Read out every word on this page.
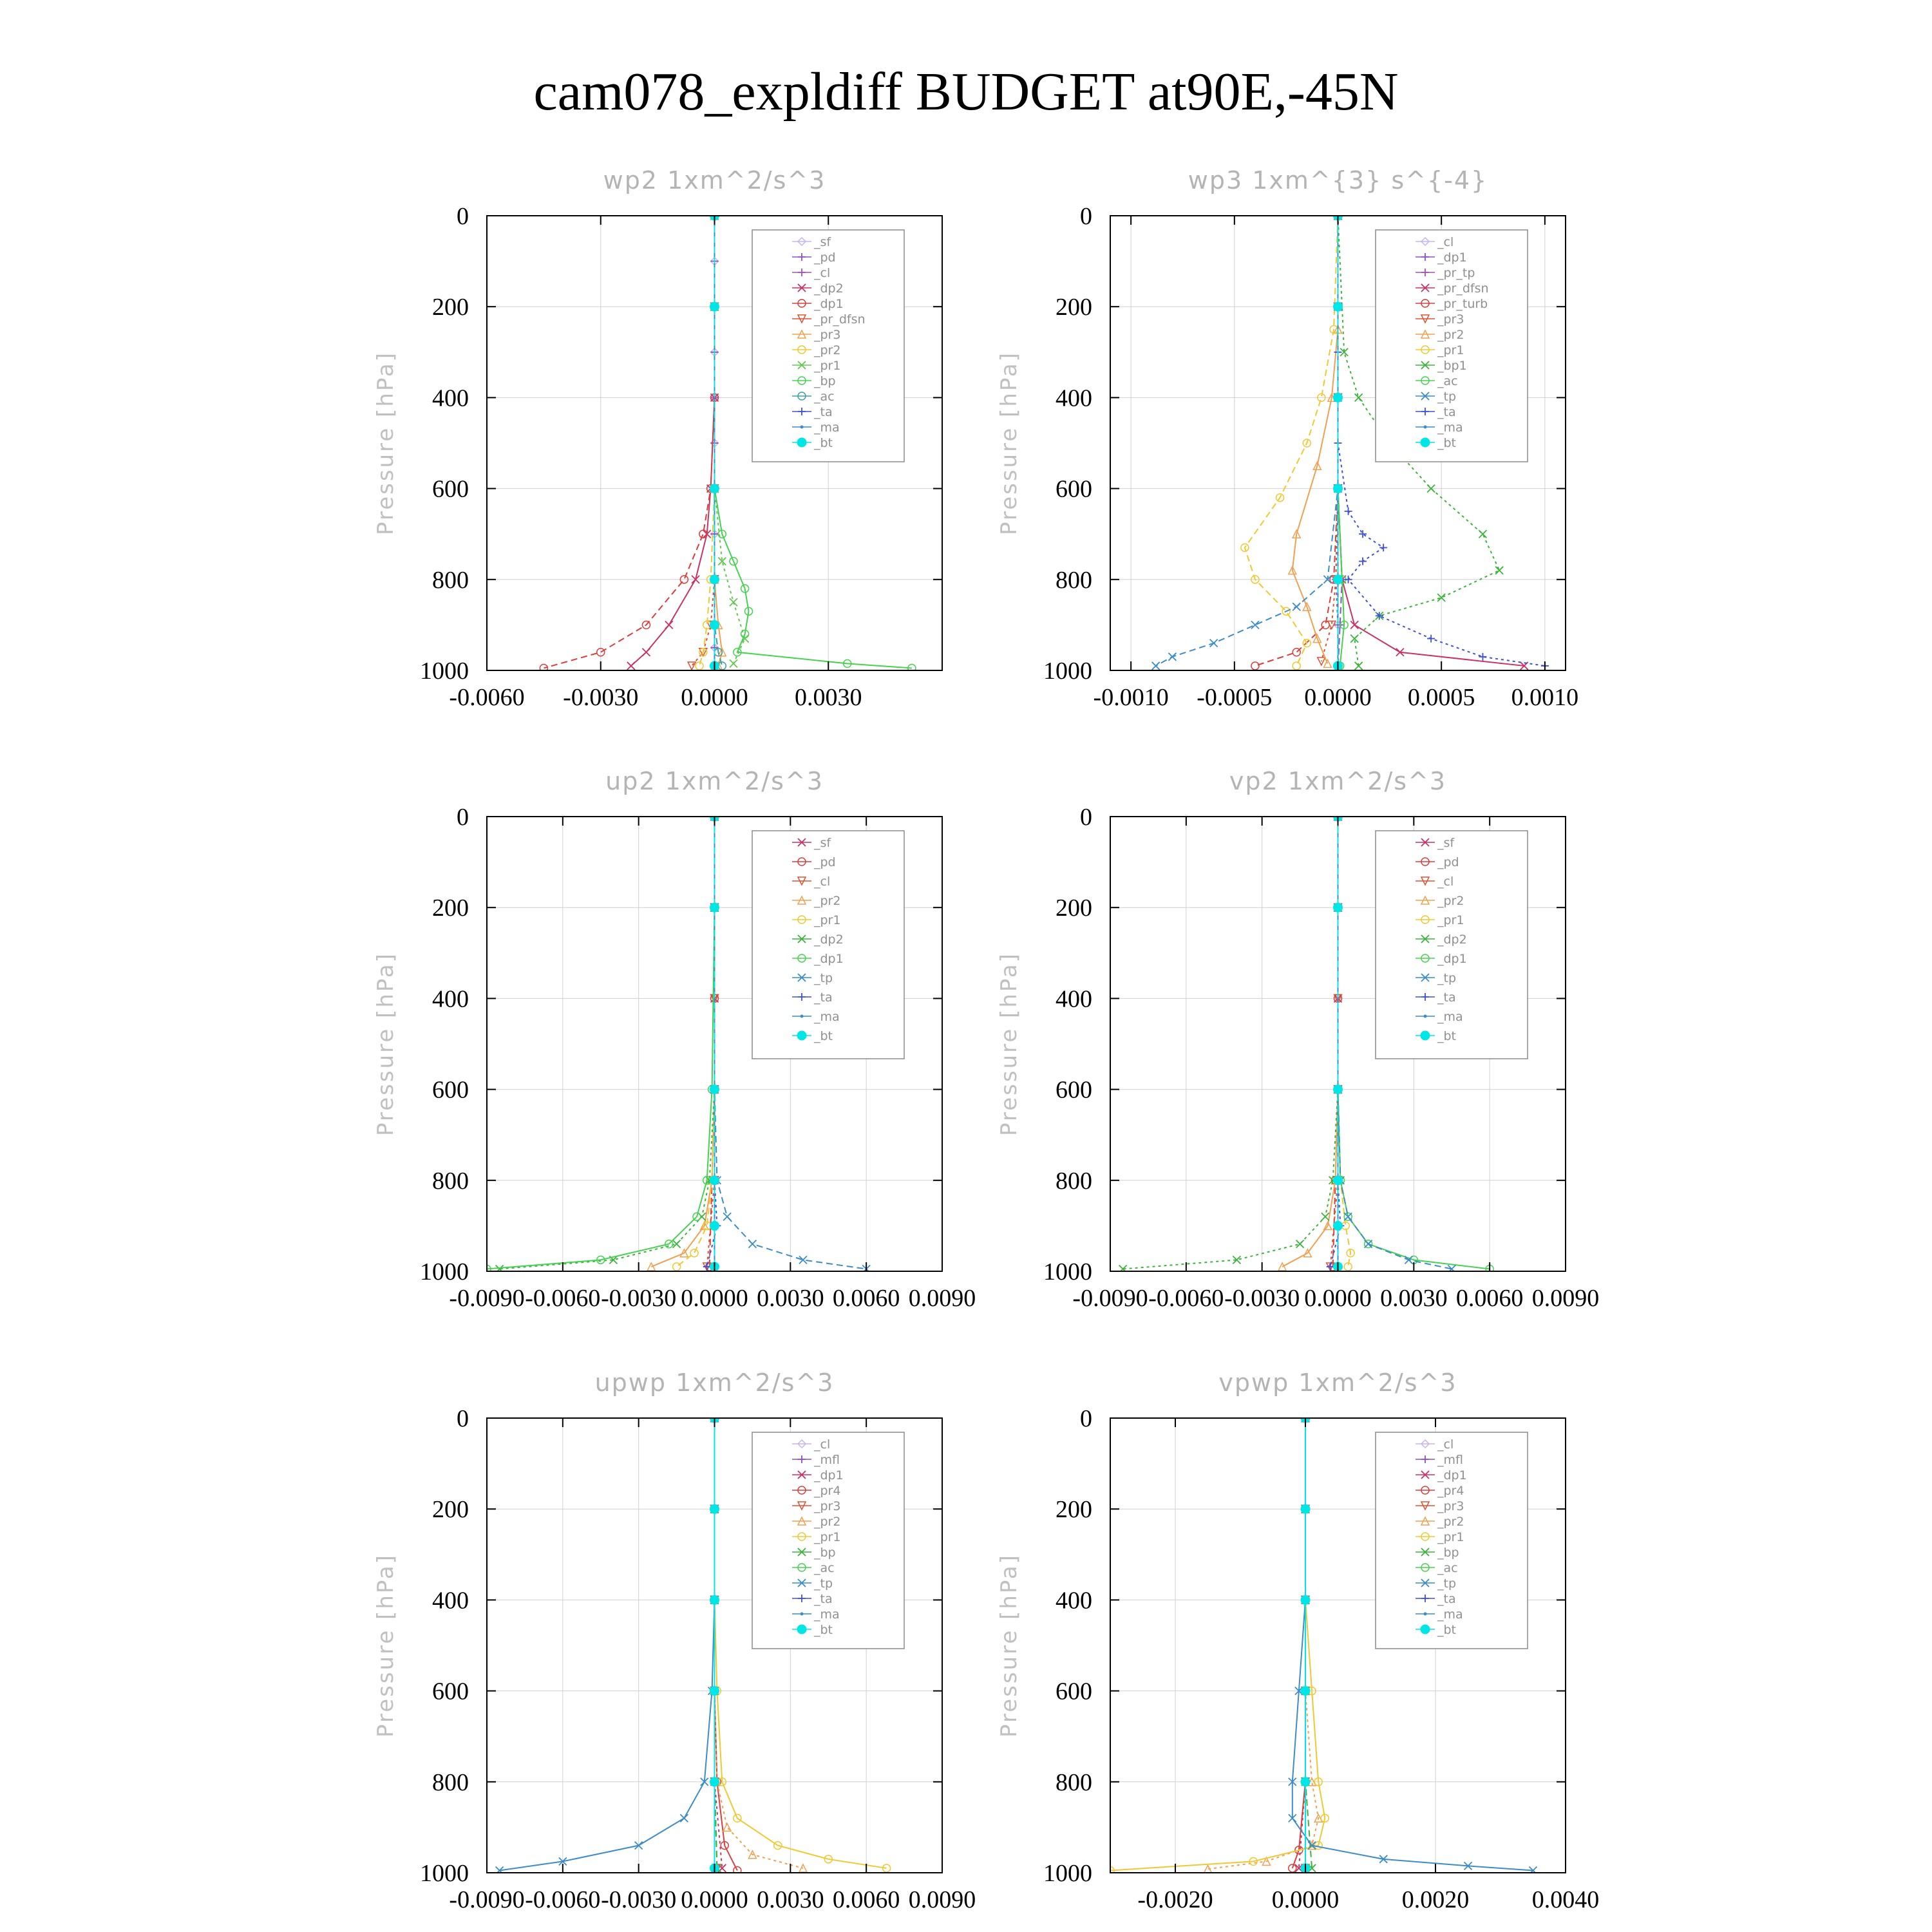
cam078_expldiff BUDGET at90E,-45N
0
200
400
600
800
1000
-0.0060 -0.0030 0.0000 0.0030
wp2 1xm^2/s^3
Pressure [hPa]
_sf
_pd
_cl
_dp2
_dp1
_pr_dfsn
_pr3
_pr2
_pr1
_bp
_ac
_ta
_ma
_bt
0
200
400
600
800
1000
-0.0010 -0.0005 0.0000 0.0005 0.0010
wp3 1xm^{3} s^{-4}
Pressure [hPa]
_cl
_dp1
_pr_tp
_pr_dfsn
_pr_turb
_pr3
_pr2
_pr1
_bp1
_ac
_tp
_ta
_ma
_bt
0
200
400
600
800
1000
-0.0090 -0.0060 -0.0030 0.0000 0.0030 0.0060 0.0090
up2 1xm^2/s^3
Pressure [hPa]
_sf
_pd
_cl
_pr2
_pr1
_dp2
_dp1
_tp
_ta
_ma
_bt
0
200
400
600
800
1000
-0.0090 -0.0060 -0.0030 0.0000 0.0030 0.0060 0.0090
vp2 1xm^2/s^3
Pressure [hPa]
_sf
_pd
_cl
_pr2
_pr1
_dp2
_dp1
_tp
_ta
_ma
_bt
0
200
400
600
800
1000
-0.0090 -0.0060 -0.0030 0.0000 0.0030 0.0060 0.0090
upwp 1xm^2/s^3
Pressure [hPa]
_cl
_mfl
_dp1
_pr4
_pr3
_pr2
_pr1
_bp
_ac
_tp
_ta
_ma
_bt
0
200
400
600
800
1000
-0.0020 0.0000	0.0020	0.0040
vpwp 1xm^2/s^3
Pressure [hPa]
_cl
_mfl
_dp1
_pr4
_pr3
_pr2
_pr1
_bp
_ac
_tp
_ta
_ma
_bt
